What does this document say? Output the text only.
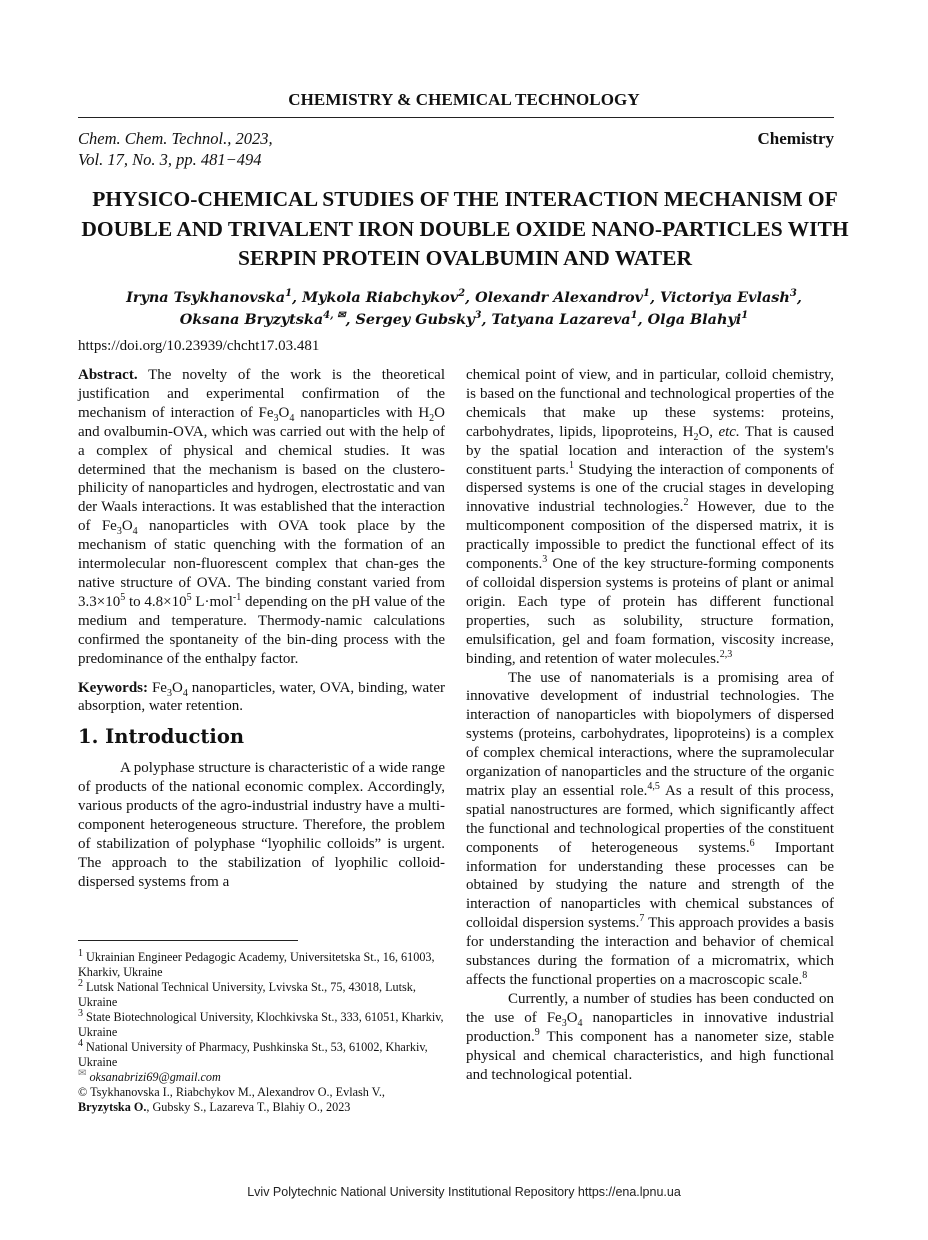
CHEMISTRY & CHEMICAL TECHNOLOGY
Chem. Chem. Technol., 2023,
Vol. 17, No. 3, pp. 481−494
Chemistry
PHYSICO-CHEMICAL STUDIES OF THE INTERACTION MECHANISM OF DOUBLE AND TRIVALENT IRON DOUBLE OXIDE NANO-PARTICLES WITH SERPIN PROTEIN OVALBUMIN AND WATER
Iryna Tsykhanovska$^1$, Mykola Riabchykov$^2$, Olexandr Alexandrov$^1$, Victoriya Evlash$^3$,
Oksana Bryzytska$^{4, ✉}$, Sergey Gubsky$^3$, Tatyana Lazareva$^1$, Olga Blahyi$^1$
https://doi.org/10.23939/chcht17.03.481

Abstract. The novelty of the work is the theoretical justification and experimental confirmation of the mechanism of interaction of $Fe_3O_4$ nanoparticles with $H_2O$ and ovalbumin-OVA, which was carried out with the help of a complex of physical and chemical studies. It was determined that the mechanism is based on the clustero-philicity of nanoparticles and hydrogen, electrostatic and van der Waals interactions. It was established that the interaction of $Fe_3O_4$ nanoparticles with OVA took place by the mechanism of static quenching with the formation of an intermolecular non-fluorescent complex that chan-ges the native structure of OVA. The binding constant varied from $3.3\times 10^5$ to $4.8\times 10^5$ L·mol$^{-1}$ depending on the pH value of the medium and temperature. Thermody-namic calculations confirmed the spontaneity of the bin-ding process with the predominance of the enthalpy factor.

Keywords: $Fe_3O_4$ nanoparticles, water, OVA, binding, water absorption, water retention.

1. Introduction

A polyphase structure is characteristic of a wide range of products of the national economic complex. Accordingly, various products of the agro-industrial industry have a multi-component heterogeneous structure. Therefore, the problem of stabilization of polyphase “lyophilic colloids” is urgent. The approach to the stabilization of lyophilic colloid-dispersed systems from a

$^1$ Ukrainian Engineer Pedagogic Academy, Universitetska St., 16, 61003, Kharkiv, Ukraine

$^2$ Lutsk National Technical University, Lvivska St., 75, 43018, Lutsk, Ukraine

$^3$ State Biotechnological University, Klochkivska St., 333, 61051, Kharkiv, Ukraine

$^4$ National University of Pharmacy, Pushkinska St., 53, 61002, Kharkiv, Ukraine

✉ oksanabrizi69@gmail.com

© Tsykhanovska I., Riabchykov M., Alexandrov O., Evlash V.,

Bryzytska O., Gubsky S., Lazareva T., Blahiy O., 2023

chemical point of view, and in particular, colloid chemistry, is based on the functional and technological properties of the chemicals that make up these systems: proteins, carbohydrates, lipids, lipoproteins, $H_2O$, etc. That is caused by the spatial location and interaction of the system's constituent parts.$^1$ Studying the interaction of components of dispersed systems is one of the crucial stages in developing innovative industrial technologies.$^2$ However, due to the multicomponent composition of the dispersed matrix, it is practically impossible to predict the functional effect of its components.$^3$ One of the key structure-forming components of colloidal dispersion systems is proteins of plant or animal origin. Each type of protein has different functional properties, such as solubility, structure formation, emulsification, gel and foam formation, viscosity increase, binding, and retention of water molecules.$^{2,3}$

The use of nanomaterials is a promising area of innovative development of industrial technologies. The interaction of nanoparticles with biopolymers of dispersed systems (proteins, carbohydrates, lipoproteins) is a complex of complex chemical interactions, where the supramolecular organization of nanoparticles and the structure of the organic matrix play an essential role.$^{4,5}$ As a result of this process, spatial nanostructures are formed, which significantly affect the functional and technological properties of the constituent components of heterogeneous systems.$^6$ Important information for understanding these processes can be obtained by studying the nature and strength of the interaction of nanoparticles with chemical substances of colloidal dispersion systems.$^7$ This approach provides a basis for understanding the interaction and behavior of chemical substances during the formation of a micromatrix, which affects the functional properties on a macroscopic scale.$^8$

Currently, a number of studies has been conducted on the use of $Fe_3O_4$ nanoparticles in innovative industrial production.$^9$ This component has a nanometer size, stable physical and chemical characteristics, and high functional and technological potential.

Lviv Polytechnic National University Institutional Repository https://ena.lpnu.ua
